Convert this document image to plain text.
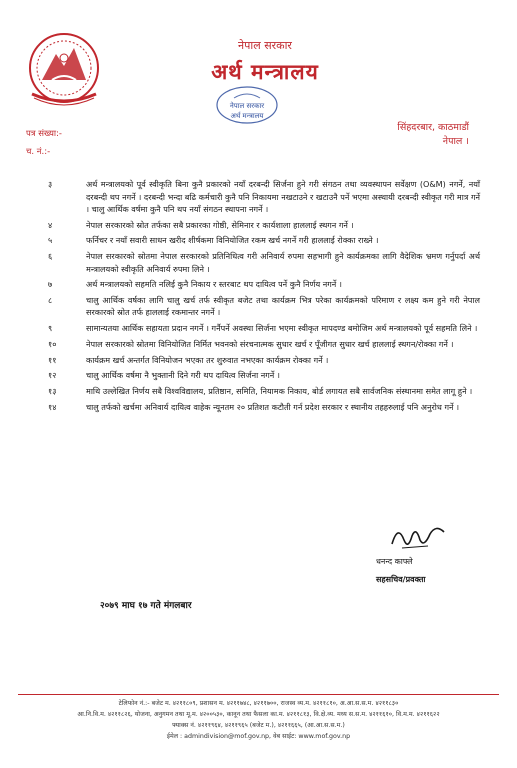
नेपाल सरकार
अर्थ मन्त्रालय
नेपाल सरकार
अर्थ मन्त्रालय
पत्र संख्या:-
च. नं.:-
सिंहदरबार, काठमाडौं
नेपाल ।
३	अर्थ मन्त्रालयको पूर्व स्वीकृति बिना कुनै प्रकारको नयाँ दरबन्दी सिर्जना हुने गरी संगठन तथा व्यवस्थापन सर्वेक्षण (O&M) नगर्ने, नयाँ दरबन्दी थप नगर्ने । दरबन्दी भन्दा बढि कर्मचारी कुनै पनि निकायमा नखटाउने र खटाउनै पर्ने भएमा अस्थायी दरबन्दी स्वीकृत गरी मात्र गर्ने । चालु आर्थिक वर्षमा कुनै पनि थप नयाँ संगठन स्थापना नगर्ने ।
४	नेपाल सरकारको स्रोत तर्फका सबै प्रकारका गोष्ठी, सेमिनार र कार्यशाला हाललाई स्थगन गर्ने ।
५	फर्निचर र नयाँ सवारी साधन खरीद शीर्षकमा विनियोजित रकम खर्च नगर्ने गरी हाललाई रोक्का राख्ने ।
६	नेपाल सरकारको स्रोतमा नेपाल सरकारको प्रतिनिधित्व गरी अनिवार्य रुपमा सहभागी हुने कार्यक्रमका लागि वैदेशिक भ्रमण गर्नुपर्दा अर्थ मन्त्रालयको स्वीकृति अनिवार्य रुपमा लिने ।
७	अर्थ मन्त्रालयको सहमति नलिई कुनै निकाय र स्तरबाट थप दायित्व पर्ने कुनै निर्णय नगर्ने ।
८	चालु आर्थिक वर्षका लागि चालु खर्च तर्फ स्वीकृत बजेट तथा कार्यक्रम भित्र परेका कार्यक्रमको परिमाण र लक्ष्य कम हुने गरी नेपाल सरकारको स्रोत तर्फ हाललाई रकमान्तर नगर्ने ।
९	सामान्यतया आर्थिक सहायता प्रदान नगर्ने । गर्नैपर्ने अवस्था सिर्जना भएमा स्वीकृत मापदण्ड बमोजिम अर्थ मन्त्रालयको पूर्व सहमति लिने ।
१०	नेपाल सरकारको स्रोतमा विनियोजित निर्मित भवनको संरचनात्मक सुधार खर्च र पूँजीगत सुधार खर्च हाललाई स्थगन/रोक्का गर्ने ।
११	कार्यक्रम खर्च अन्तर्गत विनियोजन भएका तर शुरुवात नभएका कार्यक्रम रोक्का गर्ने ।
१२	चालु आर्थिक वर्षमा नै भुक्तानी दिने गरी थप दायित्व सिर्जना नगर्ने ।
१३	माथि उल्लेखित निर्णय सबै विश्वविद्यालय, प्रतिष्ठान, समिति, नियामक निकाय, बोर्ड लगायत सबै सार्वजनिक संस्थानमा समेत लागू हुने ।
१४	चालु तर्फको खर्चमा अनिवार्य दायित्व वाहेक न्यूनतम २० प्रतिशत कटौती गर्न प्रदेश सरकार र स्थानीय तहहरुलाई पनि अनुरोध गर्ने ।
धनन्द काफ्ले
सहसचिव/प्रवक्ता
२०७९ माघ १७ गते मंगलबार
टेलिफोन नं.:- बजेट म. ४२११८०९, प्रशासन म. ४२११७४८, ४२११७००, राजस्व व्य.म. ४२११८१०, अ.आ.स.स.म. ४२११८३०
आ.नि.वि.म. ४२११८२६, योजना, अनुगमन तथा मू.म. ४२००५३०, कानून तथा फैसला का.म. ४२११८१३, वि.क्षे.व्य. मध्य स.स.म. ४२११६१०, वि.म.म. ४२११६२२
फ्याक्स नं. ४२११९६४, ४२११९६५ (बजेट म.), ४२११६६५, (आ.आ.स.स.म.)
ईमेल : admindivision@mof.gov.np, वेब साईट: www.mof.gov.np
